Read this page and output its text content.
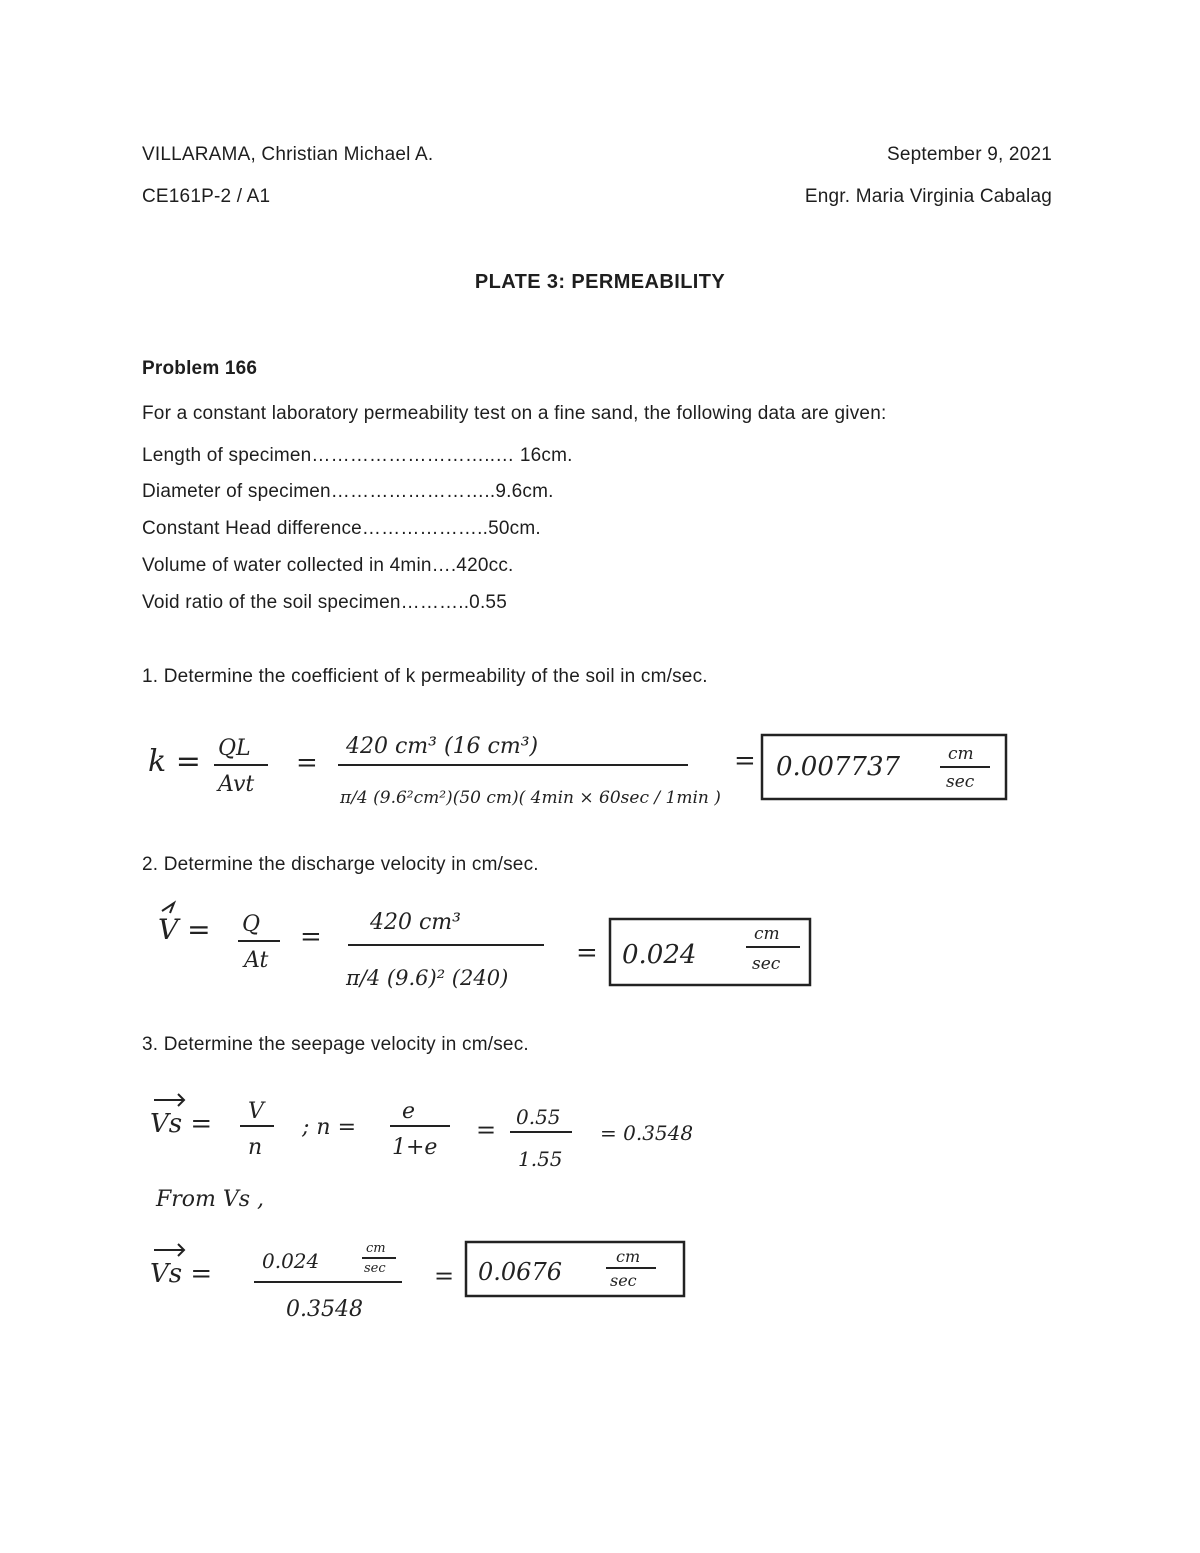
VILLARAMA, Christian Michael A.	September 9, 2021
CE161P-2 / A1	Engr. Maria Virginia Cabalag
PLATE 3: PERMEABILITY
Problem 166
For a constant laboratory permeability test on a fine sand, the following data are given:
Length of specimen………………………..… 16cm.
Diameter of specimen……………………..9.6cm.
Constant Head difference………………..50cm.
Volume of water collected in 4min….420cc.
Void ratio of the soil specimen………..0.55
1. Determine the coefficient of k permeability of the soil in cm/sec.
k = QL
Avt
=
420 cm³ (16 cm³)
π/4 (9.6²cm²)(50 cm)( 4min × 60sec / 1min )
= 0.007737	cm
sec
2. Determine the discharge velocity in cm/sec.
V = Q
At
= 420 cm³
π/4 (9.6)² (240)
= 0.024
cm
sec
3. Determine the seepage velocity in cm/sec.
Vs = V
n
; n =
e
1+e
= 0.55
1.55
= 0.3548
From Vs ,
Vs = 0.024
cm
sec
0.3548
= 0.0676
cm
sec
